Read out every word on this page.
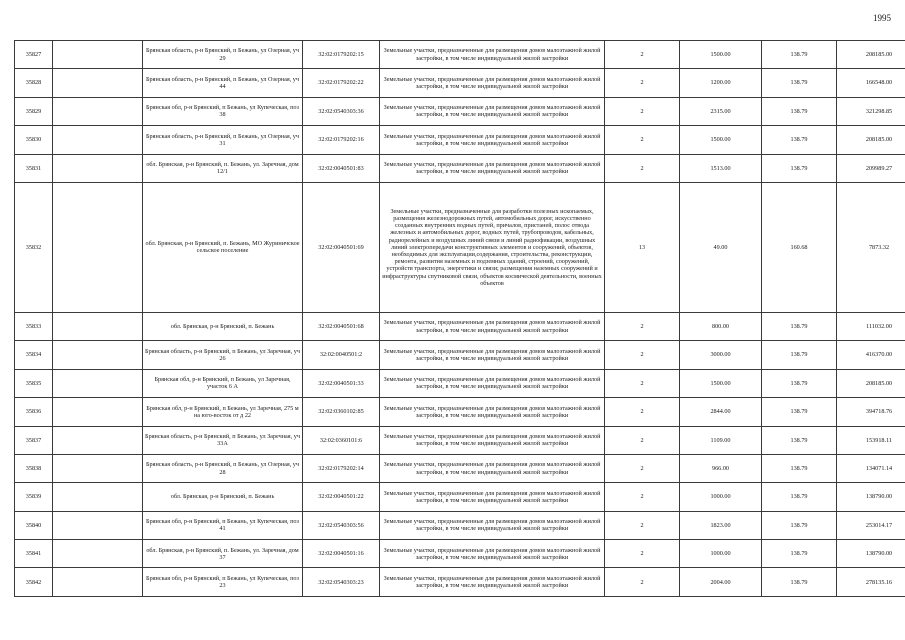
1995
35827		Брянская область, р-н Брянский, п Бежань, ул Озерная, уч 29	32:02:0179202:15	Земельные участки, предназначенные для размещения домов малоэтажной жилой застройки, в том числе индивидуальной жилой застройки	2	1500.00	138.79	208185.00
35828		Брянская область, р-н Брянский, п Бежань, ул Озерная, уч 44	32:02:0179202:22	Земельные участки, предназначенные для размещения домов малоэтажной жилой застройки, в том числе индивидуальной жилой застройки	2	1200.00	138.79	166548.00
35829		Брянская обл, р-н Брянский, п Бежань, ул Купеческая, поз 38	32:02:0540303:36	Земельные участки, предназначенные для размещения домов малоэтажной жилой застройки, в том числе индивидуальной жилой застройки	2	2315.00	138.79	321298.85
35830		Брянская область, р-н Брянский, п Бежань, ул Озерная, уч 31	32:02:0179202:16	Земельные участки, предназначенные для размещения домов малоэтажной жилой застройки, в том числе индивидуальной жилой застройки	2	1500.00	138.79	208185.00
35831		обл. Брянская, р-н Брянский, п. Бежань, ул. Заречная, дом 12/1	32:02:0040501:83	Земельные участки, предназначенные для размещения домов малоэтажной жилой застройки, в том числе индивидуальной жилой застройки	2	1513.00	138.79	209989.27
35832		обл. Брянская, р-н Брянский, п. Бежань, МО Журиничское сельское поселение	32:02:0040501:69	Земельные участки, предназначенные для разработки полезных ископаемых, размещения железнодорожных путей, автомобильных дорог, искусственно созданных внутренних водных путей, причалов, пристаней, полос отвода железных и автомобильных дорог, водных путей, трубопроводов, кабельных, радиорелейных и воздушных линий связи и линий радиофикации, воздушных линий электропередачи конструктивных элементов и сооружений, объектов, необходимых для эксплуатации,содержания, строительства, реконструкции, ремонта, развития наземных и подземных зданий, строений, сооружений, устройств транспорта, энергетики и связи; размещения наземных сооружений и инфраструктуры спутниковой связи, объектов космической деятельности, военных объектов	13	49.00	160.68	7873.32
35833		обл. Брянская, р-н Брянский, п. Бежань	32:02:0040501:68	Земельные участки, предназначенные для размещения домов малоэтажной жилой застройки, в том числе индивидуальной жилой застройки	2	800.00	138.79	111032.00
35834		Брянская область, р-н Брянский, п Бежань, ул Заречная, уч 26	32:02:0040501:2	Земельные участки, предназначенные для размещения домов малоэтажной жилой застройки, в том числе индивидуальной жилой застройки	2	3000.00	138.79	416370.00
35835		Брянская обл, р-н Брянский, п Бежань, ул Заречная, участок 6 А	32:02:0040501:33	Земельные участки, предназначенные для размещения домов малоэтажной жилой застройки, в том числе индивидуальной жилой застройки	2	1500.00	138.79	208185.00
35836		Брянская обл, р-н Брянский, п Бежань, ул Заречная, 275 м на юго-восток от д 22	32:02:0360102:85	Земельные участки, предназначенные для размещения домов малоэтажной жилой застройки, в том числе индивидуальной жилой застройки	2	2844.00	138.79	394718.76
35837		Брянская область, р-н Брянский, п Бежань, ул Заречная, уч 33А	32:02:0360101:6	Земельные участки, предназначенные для размещения домов малоэтажной жилой застройки, в том числе индивидуальной жилой застройки	2	1109.00	138.79	153918.11
35838		Брянская область, р-н Брянский, п Бежань, ул Озерная, уч 28	32:02:0179202:14	Земельные участки, предназначенные для размещения домов малоэтажной жилой застройки, в том числе индивидуальной жилой застройки	2	966.00	138.79	134071.14
35839		обл. Брянская, р-н Брянский, п. Бежань	32:02:0040501:22	Земельные участки, предназначенные для размещения домов малоэтажной жилой застройки, в том числе индивидуальной жилой застройки	2	1000.00	138.79	138790.00
35840		Брянская обл, р-н Брянский, п Бежань, ул Купеческая, поз 41	32:02:0540303:56	Земельные участки, предназначенные для размещения домов малоэтажной жилой застройки, в том числе индивидуальной жилой застройки	2	1823.00	138.79	253014.17
35841		обл. Брянская, р-н Брянский, п. Бежань, ул. Заречная, дом 37	32:02:0040501:16	Земельные участки, предназначенные для размещения домов малоэтажной жилой застройки, в том числе индивидуальной жилой застройки	2	1000.00	138.79	138790.00
35842		Брянская обл, р-н Брянский, п Бежань, ул Купеческая, поз 23	32:02:0540303:23	Земельные участки, предназначенные для размещения домов малоэтажной жилой застройки, в том числе индивидуальной жилой застройки	2	2004.00	138.79	278135.16
